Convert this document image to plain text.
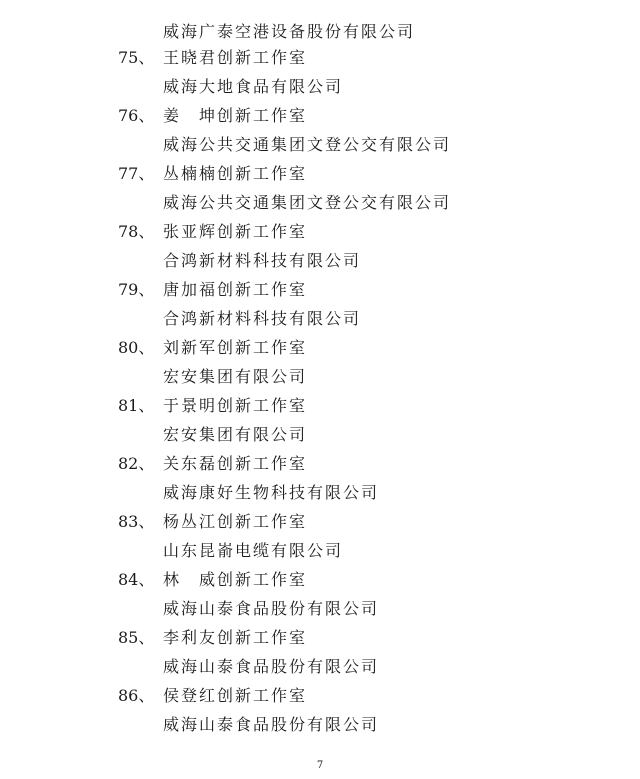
威海广泰空港设备股份有限公司
75、 王晓君创新工作室
威海大地食品有限公司
76、 姜　坤创新工作室
威海公共交通集团文登公交有限公司
77、 丛楠楠创新工作室
威海公共交通集团文登公交有限公司
78、 张亚辉创新工作室
合鸿新材料科技有限公司
79、 唐加福创新工作室
合鸿新材料科技有限公司
80、 刘新军创新工作室
宏安集团有限公司
81、 于景明创新工作室
宏安集团有限公司
82、 关东磊创新工作室
威海康好生物科技有限公司
83、 杨丛江创新工作室
山东昆嵛电缆有限公司
84、 林　威创新工作室
威海山泰食品股份有限公司
85、 李利友创新工作室
威海山泰食品股份有限公司
86、 侯登红创新工作室
威海山泰食品股份有限公司
7
